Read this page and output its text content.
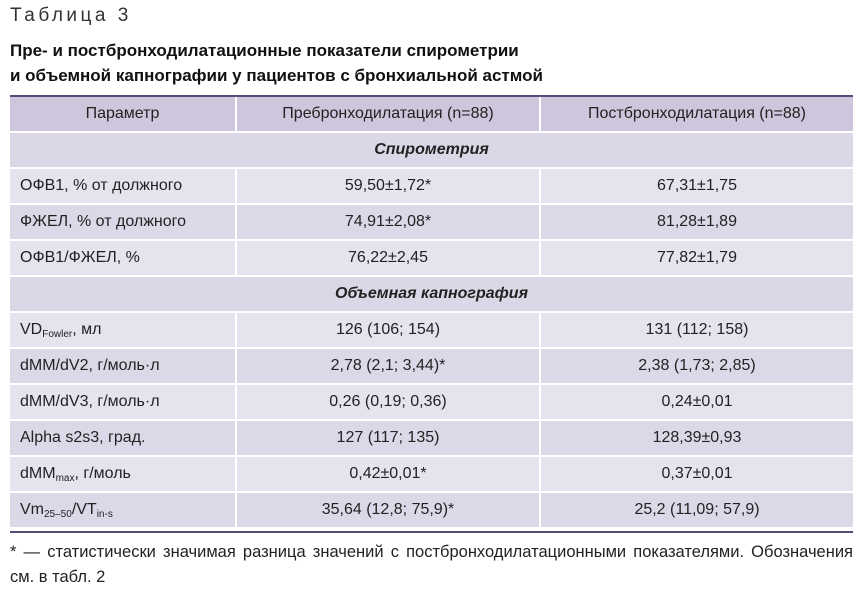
Таблица 3
Пре- и постбронходилатационные показатели спирометрии
и объемной капнографии у пациентов с бронхиальной астмой
Параметр	Пребронходилатация (n=88)	Постбронходилатация (n=88)
Спирометрия		
ОФВ1, % от должного	59,50±1,72*	67,31±1,75
ФЖЕЛ, % от должного	74,91±2,08*	81,28±1,89
ОФВ1/ФЖЕЛ, %	76,22±2,45	77,82±1,79
Объемная капнография		
$VD_{Fowler}$, мл	126 (106; 154)	131 (112; 158)
dMM/dV2, г/моль·л	2,78 (2,1; 3,44)*	2,38 (1,73; 2,85)
dMM/dV3, г/моль·л	0,26 (0,19; 0,36)	0,24±0,01
Alpha s2s3, град.	127 (117; 135)	128,39±0,93
dMM$_{max}$, г/моль	0,42±0,01*	0,37±0,01
$Vm_{25-50}/VT_{in-s}$	35,64 (12,8; 75,9)*	25,2 (11,09; 57,9)
* — статистически значимая разница значений с постбронходилатационными показателями. Обозначения см. в табл. 2
